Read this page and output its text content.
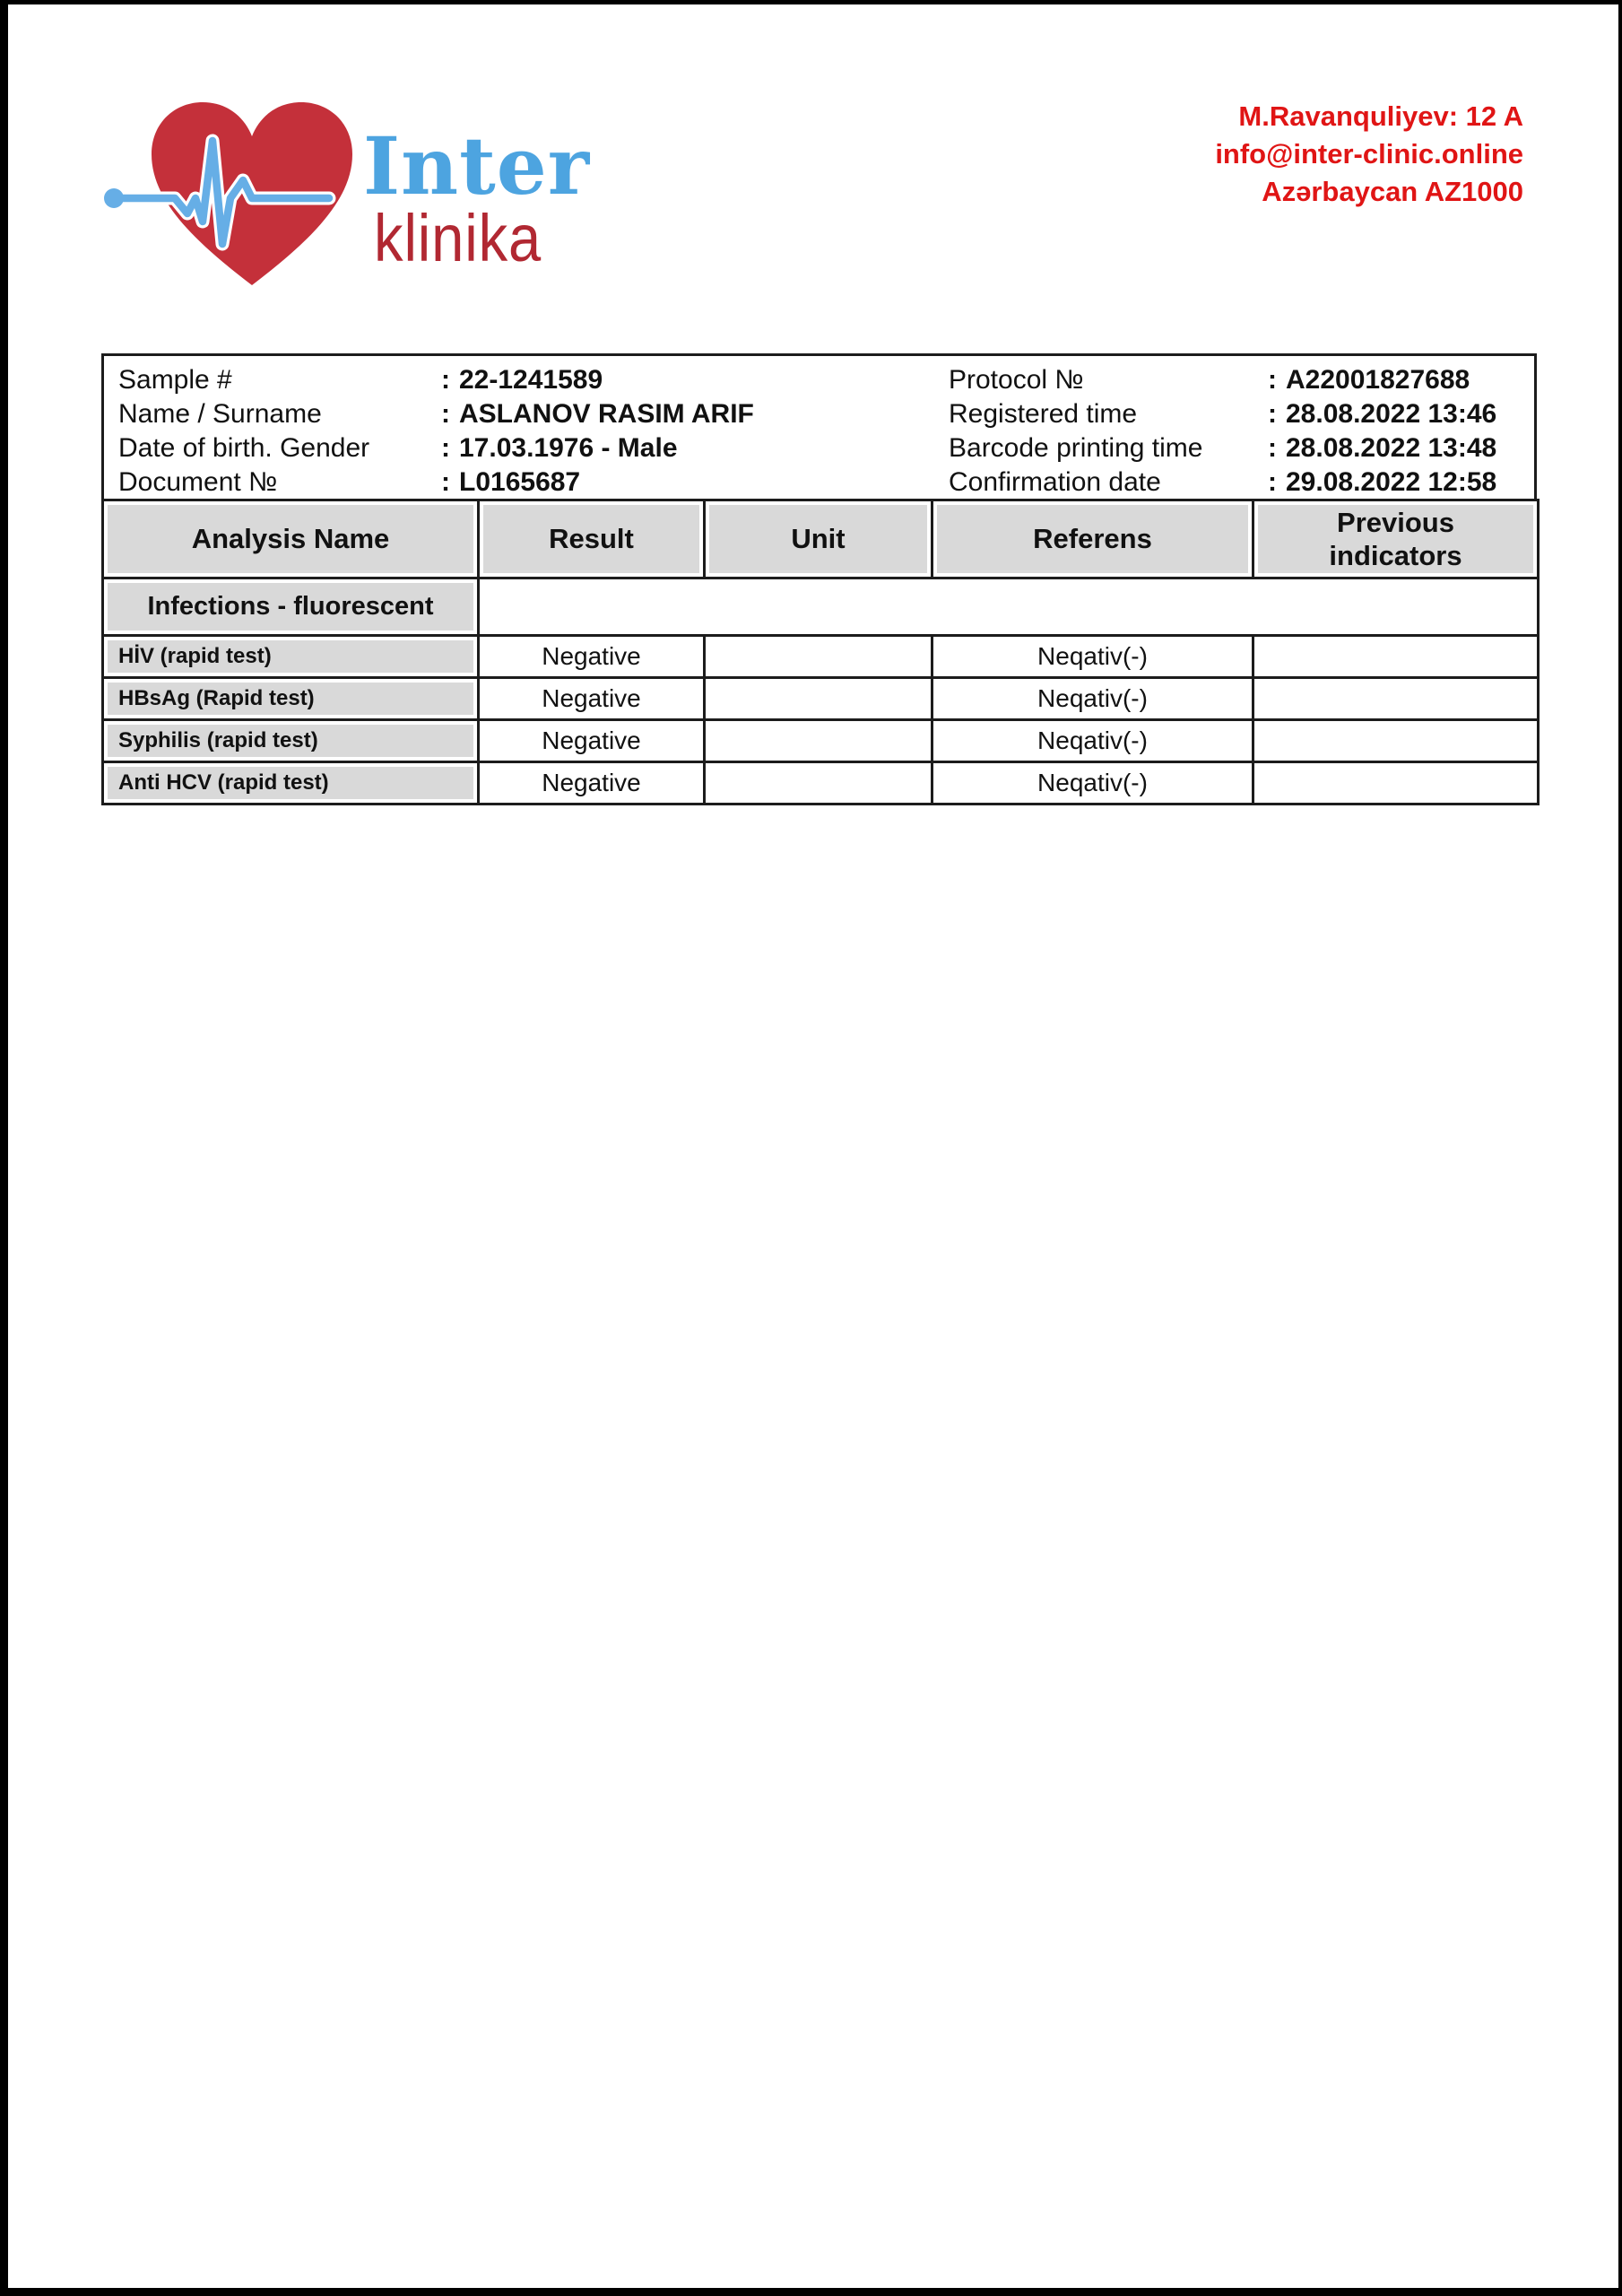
Inter
klinika
M.Ravanquliyev: 12 A
info@inter-clinic.online
Azərbaycan AZ1000
Sample #	: 22-1241589	Protocol №	: A22001827688
Name / Surname	: ASLANOV RASIM ARIF	Registered time	: 28.08.2022 13:46
Date of birth. Gender	: 17.03.1976 - Male	Barcode printing time	: 28.08.2022 13:48
Document №	: L0165687	Confirmation date	: 29.08.2022 12:58
Analysis Name	Result	Unit	Referens	Previous indicators

Infections - fluorescent				

HİV (rapid test)	Negative		Neqativ(-)	

HBsAg (Rapid test)	Negative		Neqativ(-)	

Syphilis (rapid test)	Negative		Neqativ(-)	

Anti HCV (rapid test)	Negative		Neqativ(-)	
